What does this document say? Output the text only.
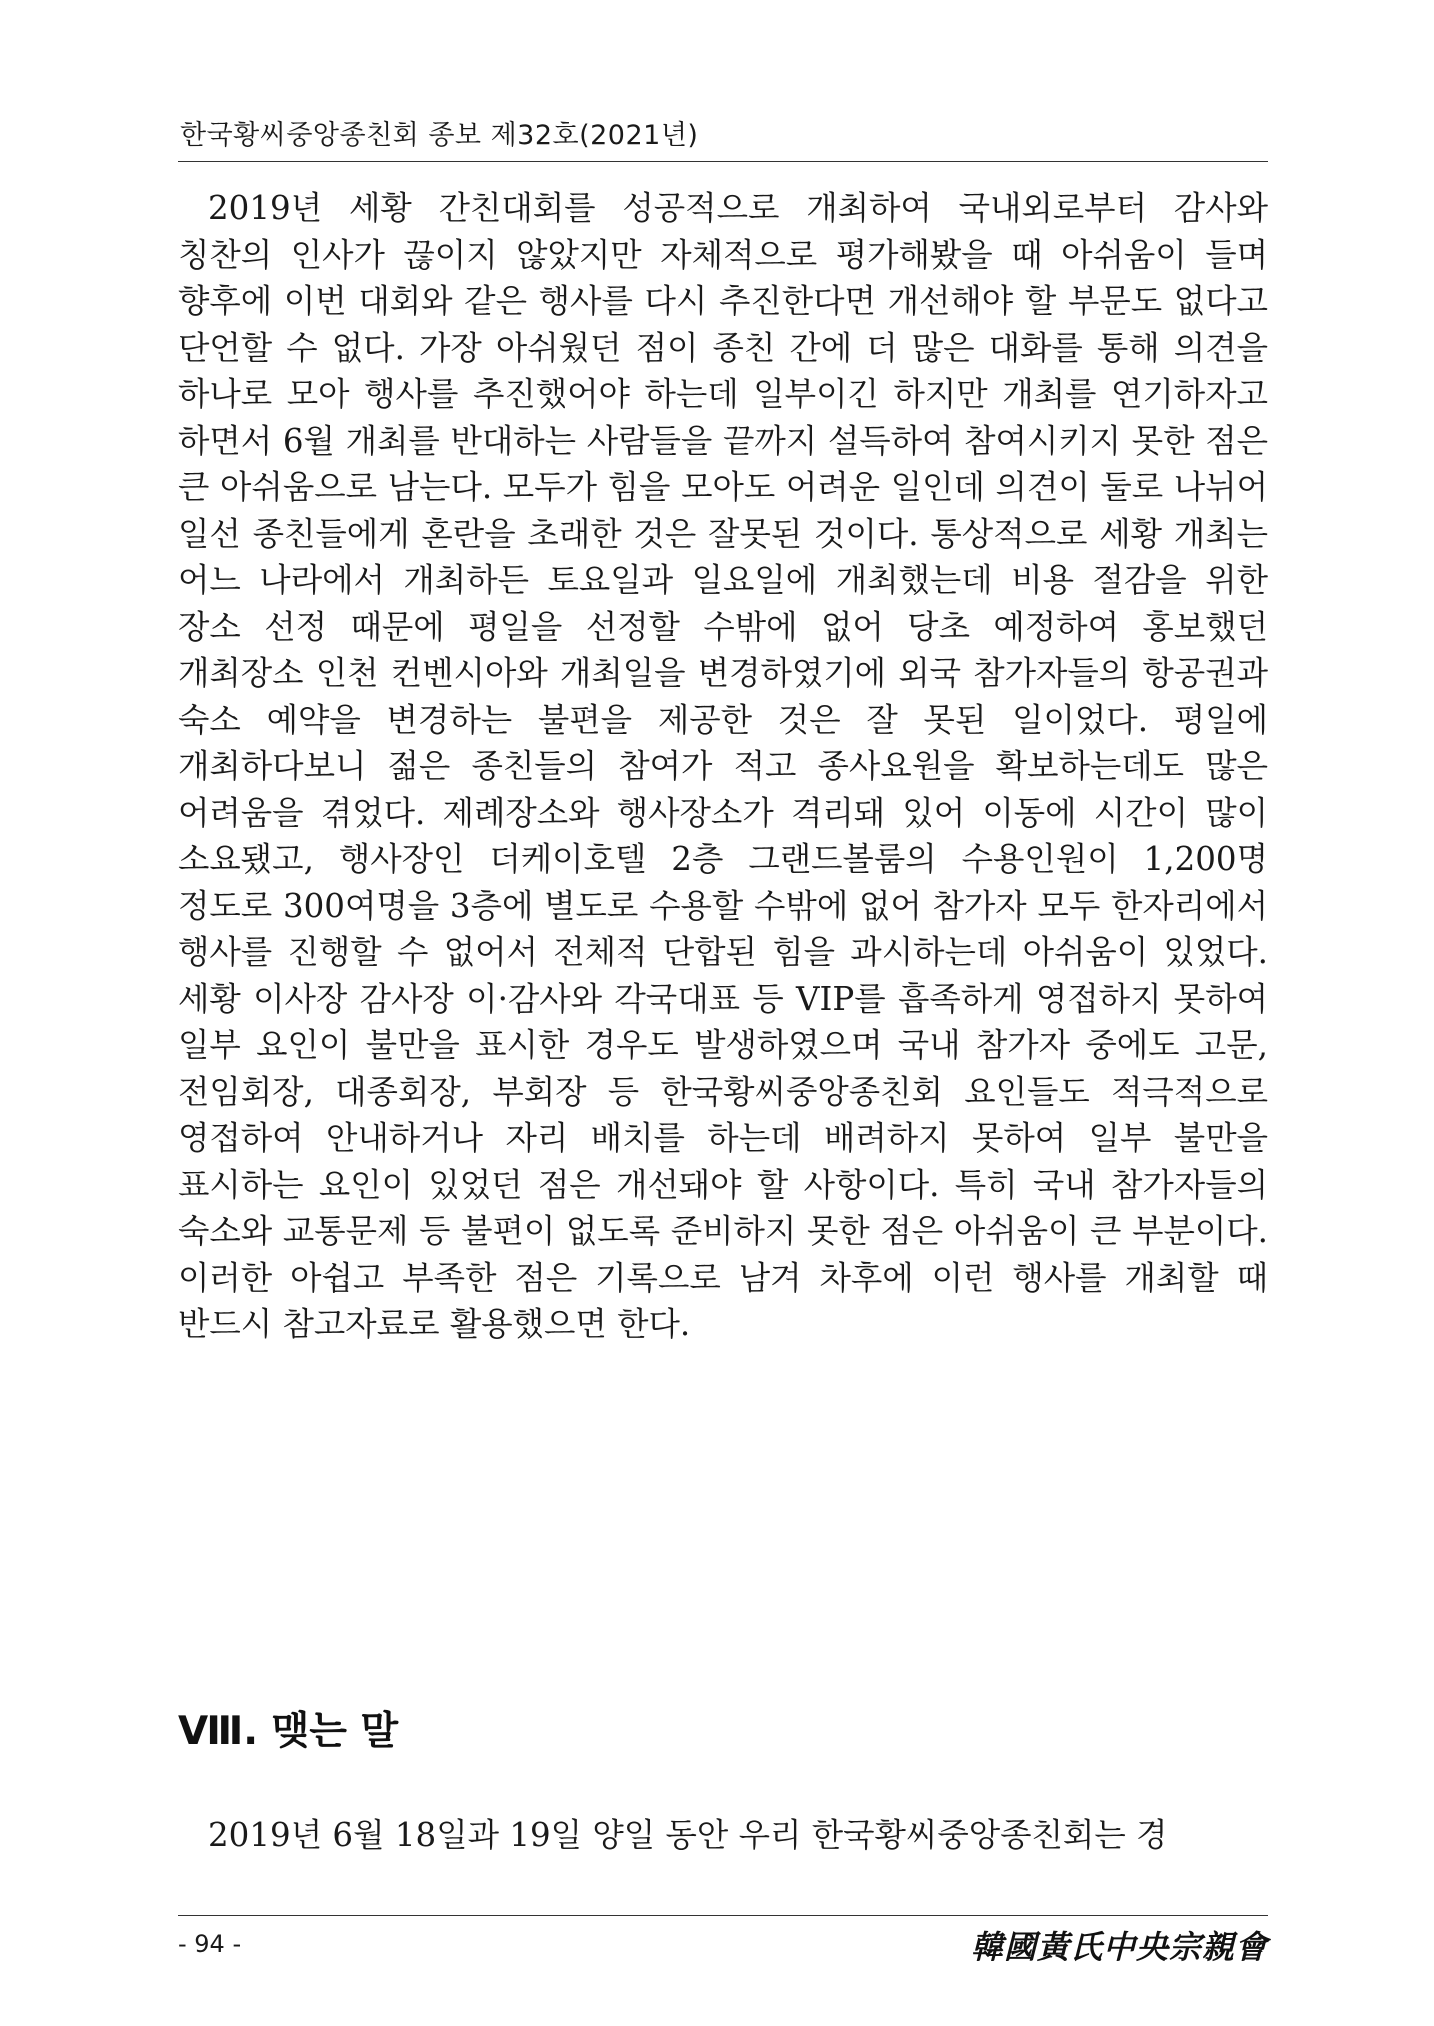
한국황씨중앙종친회 종보 제32호(2021년)

2019년 세황 간친대회를 성공적으로 개최하여 국내외로부터 감사와 칭찬의 인사가 끊이지 않았지만 자체적으로 평가해봤을 때 아쉬움이 들며 향후에 이번 대회와 같은 행사를 다시 추진한다면 개선해야 할 부문도 없다고 단언할 수 없다. 가장 아쉬웠던 점이 종친 간에 더 많은 대화를 통해 의견을 하나로 모아 행사를 추진했어야 하는데 일부이긴 하지만 개최를 연기하자고 하면서 6월 개최를 반대하는 사람들을 끝까지 설득하여 참여시키지 못한 점은 큰 아쉬움으로 남는다. 모두가 힘을 모아도 어려운 일인데 의견이 둘로 나뉘어 일선 종친들에게 혼란을 초래한 것은 잘못된 것이다. 통상적으로 세황 개최는 어느 나라에서 개최하든 토요일과 일요일에 개최했는데 비용 절감을 위한 장소 선정 때문에 평일을 선정할 수밖에 없어 당초 예정하여 홍보했던 개최장소 인천 컨벤시아와 개최일을 변경하였기에 외국 참가자들의 항공권과 숙소 예약을 변경하는 불편을 제공한 것은 잘 못된 일이었다. 평일에 개최하다보니 젊은 종친들의 참여가 적고 종사요원을 확보하는데도 많은 어려움을 겪었다. 제례장소와 행사장소가 격리돼 있어 이동에 시간이 많이 소요됐고, 행사장인 더케이호텔 2층 그랜드볼룸의 수용인원이 1,200명 정도로 300여명을 3층에 별도로 수용할 수밖에 없어 참가자 모두 한자리에서 행사를 진행할 수 없어서 전체적 단합된 힘을 과시하는데 아쉬움이 있었다. 세황 이사장 감사장 이·감사와 각국대표 등 VIP를 흡족하게 영접하지 못하여 일부 요인이 불만을 표시한 경우도 발생하였으며 국내 참가자 중에도 고문, 전임회장, 대종회장, 부회장 등 한국황씨중앙종친회 요인들도 적극적으로 영접하여 안내하거나 자리 배치를 하는데 배려하지 못하여 일부 불만을 표시하는 요인이 있었던 점은 개선돼야 할 사항이다. 특히 국내 참가자들의 숙소와 교통문제 등 불편이 없도록 준비하지 못한 점은 아쉬움이 큰 부분이다. 이러한 아쉽고 부족한 점은 기록으로 남겨 차후에 이런 행사를 개최할 때 반드시 참고자료로 활용했으면 한다.

Ⅷ. 맺는 말

2019년 6월 18일과 19일 양일 동안 우리 한국황씨중앙종친회는 경

- 94 -	韓國黃氏中央宗親會
